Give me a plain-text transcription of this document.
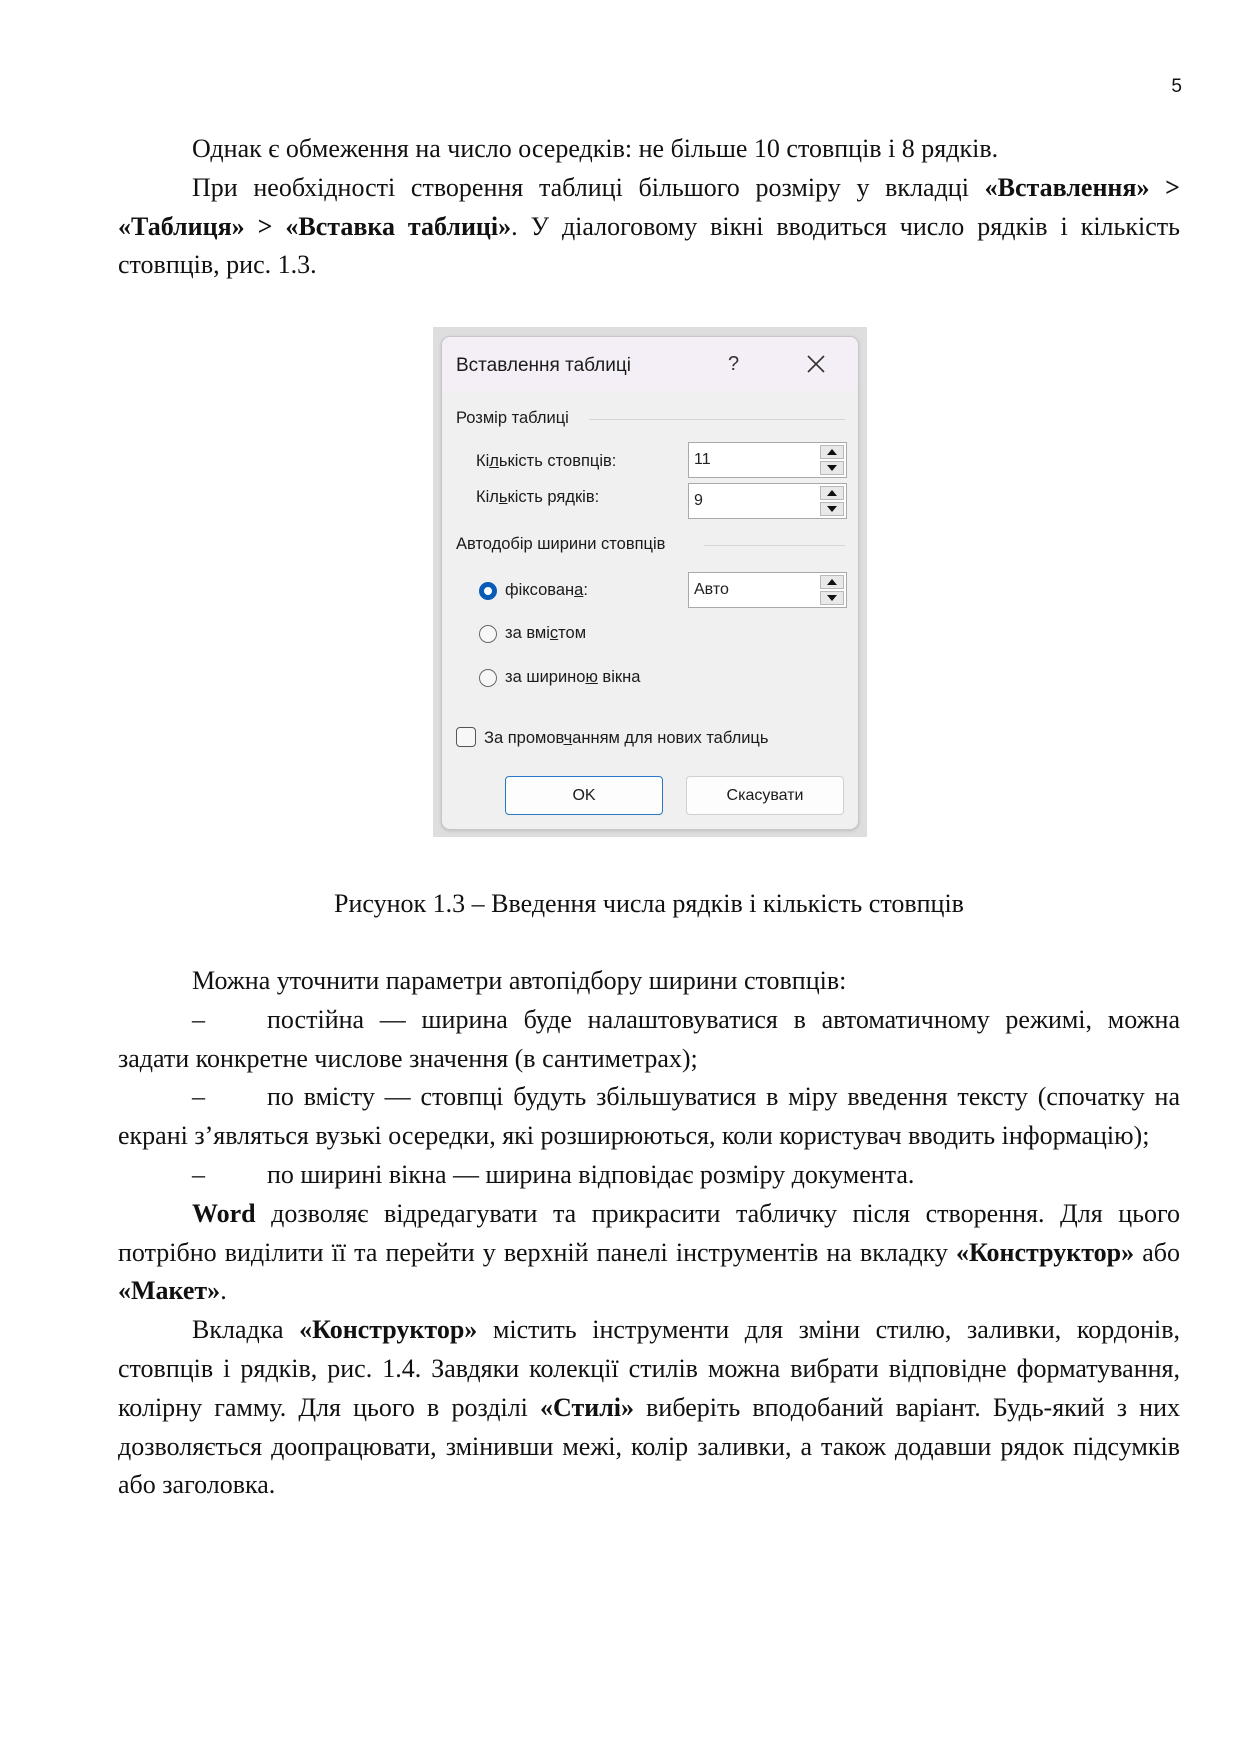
5

Однак є обмеження на число осередків: не більше 10 стовпців і 8 рядків.

При необхідності створення таблиці більшого розміру у вкладці «Вставлення» > «Таблиця» > «Вставка таблиці». У діалоговому вікні вводиться число рядків і кількість стовпців, рис. 1.3.

Вставлення таблиці	?
Розмір таблиці
Кількість стовпців:	11
Кількість рядків:	9
Автодобір ширини стовпців
фіксована:	Авто
за вмістом
за шириною вікна
За промовчанням для нових таблиць
OK	Скасувати
Рисунок 1.3 – Введення числа рядків і кількість стовпців

Можна уточнити параметри автопідбору ширини стовпців:

– постійна — ширина буде налаштовуватися в автоматичному режимі, можна задати конкретне числове значення (в сантиметрах);

– по вмісту — стовпці будуть збільшуватися в міру введення тексту (спочатку на екрані з’являться вузькі осередки, які розширюються, коли користувач вводить інформацію);

– по ширині вікна — ширина відповідає розміру документа.

Word дозволяє відредагувати та прикрасити табличку після створення. Для цього потрібно виділити її та перейти у верхній панелі інструментів на вкладку «Конструктор» або «Макет».

Вкладка «Конструктор» містить інструменти для зміни стилю, заливки, кордонів, стовпців і рядків, рис. 1.4. Завдяки колекції стилів можна вибрати відповідне форматування, колірну гамму. Для цього в розділі «Стилі» виберіть вподобаний варіант. Будь-який з них дозволяється доопрацювати, змінивши межі, колір заливки, а також додавши рядок підсумків або заголовка.
